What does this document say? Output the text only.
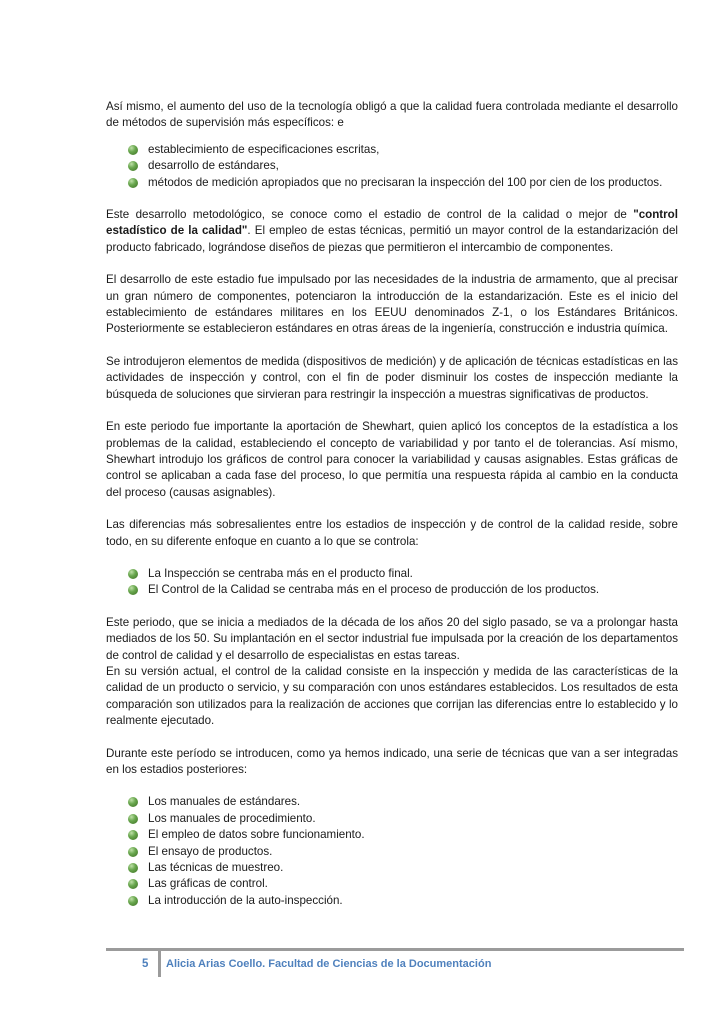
Así mismo, el aumento del uso de la tecnología obligó a que la calidad fuera controlada mediante el desarrollo de métodos de supervisión más específicos: e

establecimiento de especificaciones escritas,
desarrollo de estándares,
métodos de medición apropiados que no precisaran la inspección del 100 por cien de los productos.

Este desarrollo metodológico, se conoce como el estadio de control de la calidad o mejor de "control estadístico de la calidad". El empleo de estas técnicas, permitió un mayor control de la estandarización del producto fabricado, lográndose diseños de piezas que permitieron el intercambio de componentes.

El desarrollo de este estadio fue impulsado por las necesidades de la industria de armamento, que al precisar un gran número de componentes, potenciaron la introducción de la estandarización. Este es el inicio del establecimiento de estándares militares en los EEUU denominados Z-1, o los Estándares Británicos. Posteriormente se establecieron estándares en otras áreas de la ingeniería, construcción e industria química.

Se introdujeron elementos de medida (dispositivos de medición) y de aplicación de técnicas estadísticas en las actividades de inspección y control, con el fin de poder disminuir los costes de inspección mediante la búsqueda de soluciones que sirvieran para restringir la inspección a muestras significativas de productos.

En este periodo fue importante la aportación de Shewhart, quien aplicó los conceptos de la estadística a los problemas de la calidad, estableciendo el concepto de variabilidad y por tanto el de tolerancias. Así mismo, Shewhart introdujo los gráficos de control para conocer la variabilidad y causas asignables. Estas gráficas de control se aplicaban a cada fase del proceso, lo que permitía una respuesta rápida al cambio en la conducta del proceso (causas asignables).

Las diferencias más sobresalientes entre los estadios de inspección y de control de la calidad reside, sobre todo, en su diferente enfoque en cuanto a lo que se controla:

La Inspección se centraba más en el producto final.
El Control de la Calidad se centraba más en el proceso de producción de los productos.

Este periodo, que se inicia a mediados de la década de los años 20 del siglo pasado, se va a prolongar hasta mediados de los 50. Su implantación en el sector industrial fue impulsada por la creación de los departamentos de control de calidad y el desarrollo de especialistas en estas tareas.

En su versión actual, el control de la calidad consiste en la inspección y medida de las características de la calidad de un producto o servicio, y su comparación con unos estándares establecidos. Los resultados de esta comparación son utilizados para la realización de acciones que corrijan las diferencias entre lo establecido y lo realmente ejecutado.

Durante este período se introducen, como ya hemos indicado, una serie de técnicas que van a ser integradas en los estadios posteriores:

Los manuales de estándares.
Los manuales de procedimiento.
El empleo de datos sobre funcionamiento.
El ensayo de productos.
Las técnicas de muestreo.
Las gráficas de control.
La introducción de la auto-inspección.
5 Alicia Arias Coello. Facultad de Ciencias de la Documentación
